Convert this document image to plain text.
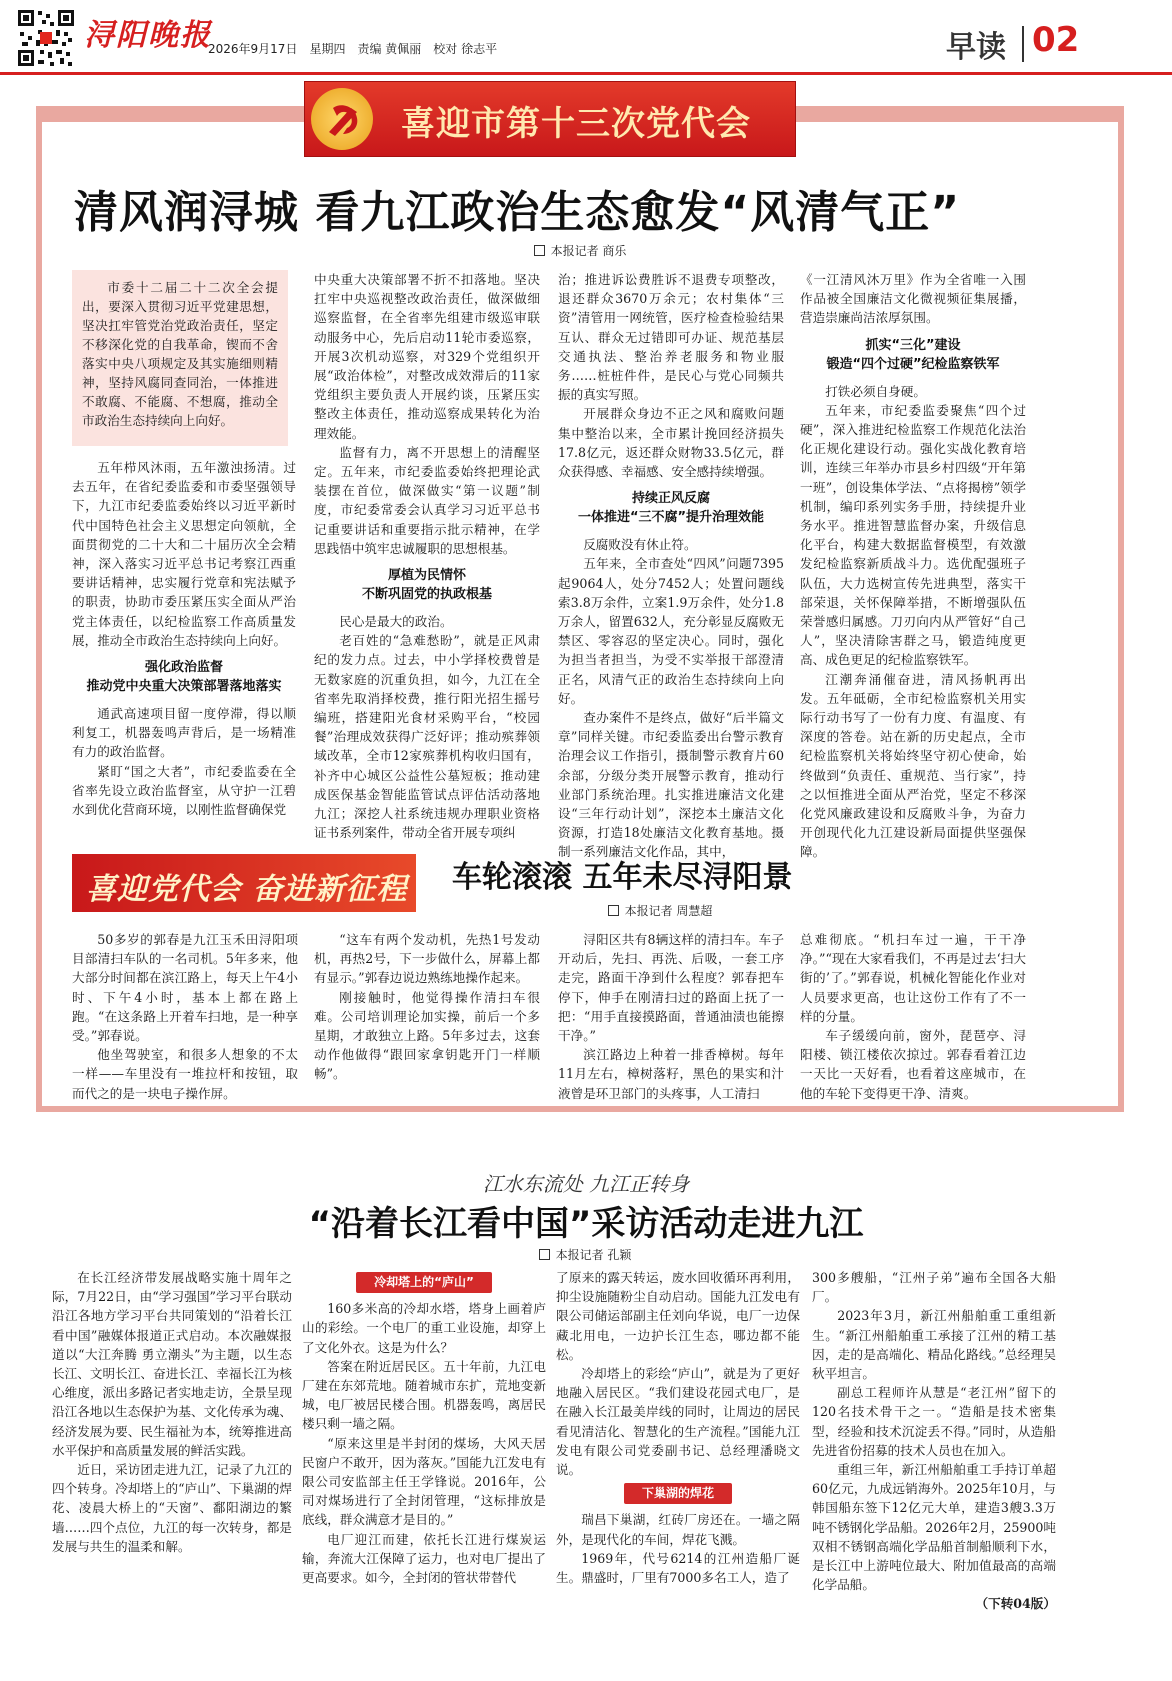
浔阳晚报
2026年9月17日　星期四　责编 黄佩丽　校对 徐志平	早读 02
喜迎市第十三次党代会
清风润浔城 看九江政治生态愈发“风清气正”
本报记者 商乐

市委十二届二十二次全会提出，要深入贯彻习近平党建思想，坚决扛牢管党治党政治责任，坚定不移深化党的自我革命，锲而不舍落实中央八项规定及其实施细则精神，坚持风腐同查同治，一体推进不敢腐、不能腐、不想腐，推动全市政治生态持续向上向好。

五年栉风沐雨，五年激浊扬清。过去五年，在省纪委监委和市委坚强领导下，九江市纪委监委始终以习近平新时代中国特色社会主义思想定向领航，全面贯彻党的二十大和二十届历次全会精神，深入落实习近平总书记考察江西重要讲话精神，忠实履行党章和宪法赋予的职责，协助市委压紧压实全面从严治党主体责任，以纪检监察工作高质量发展，推动全市政治生态持续向上向好。

强化政治监督
推动党中央重大决策部署落地落实

通武高速项目留一度停滞，得以顺利复工，机器轰鸣声背后，是一场精准有力的政治监督。

紧盯“国之大者”，市纪委监委在全省率先设立政治监督室，从守护一江碧水到优化营商环境，以刚性监督确保党

中央重大决策部署不折不扣落地。坚决扛牢中央巡视整改政治责任，做深做细巡察监督，在全省率先组建市级巡审联动服务中心，先后启动11轮市委巡察，开展3次机动巡察，对329个党组织开展“政治体检”，对整改成效滞后的11家党组织主要负责人开展约谈，压紧压实整改主体责任，推动巡察成果转化为治理效能。

监督有力，离不开思想上的清醒坚定。五年来，市纪委监委始终把理论武装摆在首位，做深做实“第一议题”制度，市纪委常委会认真学习习近平总书记重要讲话和重要指示批示精神，在学思践悟中筑牢忠诚履职的思想根基。

厚植为民情怀
不断巩固党的执政根基

民心是最大的政治。

老百姓的“急难愁盼”，就是正风肃纪的发力点。过去，中小学择校费曾是无数家庭的沉重负担，如今，九江在全省率先取消择校费，推行阳光招生摇号编班，搭建阳光食材采购平台，“校园餐”治理成效获得广泛好评；推动殡葬领域改革，全市12家殡葬机构收归国有，补齐中心城区公益性公墓短板；推动建成医保基金智能监管试点评估活动落地九江；深挖人社系统违规办理职业资格证书系列案件，带动全省开展专项纠

治；推进诉讼费胜诉不退费专项整改，退还群众3670万余元；农村集体“三资”清管用一网统管，医疗检查检验结果互认、群众无过错即可办证、规范基层交通执法、整治养老服务和物业服务……桩桩件件，是民心与党心同频共振的真实写照。

开展群众身边不正之风和腐败问题集中整治以来，全市累计挽回经济损失17.8亿元，返还群众财物33.5亿元，群众获得感、幸福感、安全感持续增强。

持续正风反腐
一体推进“三不腐”提升治理效能

反腐败没有休止符。

五年来，全市查处“四风”问题7395起9064人，处分7452人；处置问题线索3.8万余件，立案1.9万余件，处分1.8万余人，留置632人，充分彰显反腐败无禁区、零容忍的坚定决心。同时，强化为担当者担当，为受不实举报干部澄清正名，风清气正的政治生态持续向上向好。

查办案件不是终点，做好“后半篇文章”同样关键。市纪委监委出台警示教育治理会议工作指引，摄制警示教育片60余部，分级分类开展警示教育，推动行业部门系统治理。扎实推进廉洁文化建设“三年行动计划”，深挖本土廉洁文化资源，打造18处廉洁文化教育基地。摄制一系列廉洁文化作品，其中，

《一江清风沐万里》作为全省唯一入围作品被全国廉洁文化微视频征集展播，营造崇廉尚洁浓厚氛围。

抓实“三化”建设
锻造“四个过硬”纪检监察铁军

打铁必须自身硬。

五年来，市纪委监委聚焦“四个过硬”，深入推进纪检监察工作规范化法治化正规化建设行动。强化实战化教育培训，连续三年举办市县乡村四级“开年第一班”，创设集体学法、“点将揭榜”领学机制，编印系列实务手册，持续提升业务水平。推进智慧监督办案，升级信息化平台，构建大数据监督模型，有效激发纪检监察新质战斗力。选优配强班子队伍，大力选树宣传先进典型，落实干部荣退，关怀保障举措，不断增强队伍荣誉感归属感。刀刃向内从严管好“自己人”，坚决清除害群之马，锻造纯度更高、成色更足的纪检监察铁军。

江潮奔涌催奋进，清风扬帆再出发。五年砥砺，全市纪检监察机关用实际行动书写了一份有力度、有温度、有深度的答卷。站在新的历史起点，全市纪检监察机关将始终坚守初心使命，始终做到“负责任、重规范、当行家”，持之以恒推进全面从严治党，坚定不移深化党风廉政建设和反腐败斗争，为奋力开创现代化九江建设新局面提供坚强保障。

喜迎党代会 奋进新征程 车轮滚滚 五年未尽浔阳景
本报记者 周慧超

50多岁的郭春是九江玉禾田浔阳项目部清扫车队的一名司机。5年多来，他大部分时间都在滨江路上，每天上午4小时、下午4小时，基本上都在路上跑。“在这条路上开着车扫地，是一种享受。”郭春说。

他坐驾驶室，和很多人想象的不太一样——车里没有一堆拉杆和按钮，取而代之的是一块电子操作屏。

“这车有两个发动机，先热1号发动机，再热2号，下一步做什么，屏幕上都有显示。”郭春边说边熟练地操作起来。

刚接触时，他觉得操作清扫车很难。公司培训理论加实操，前后一个多星期，才敢独立上路。5年多过去，这套动作他做得“跟回家拿钥匙开门一样顺畅”。

浔阳区共有8辆这样的清扫车。车子开动后，先扫、再洗、后吸，一套工序走完，路面干净到什么程度？郭春把车停下，伸手在刚清扫过的路面上抚了一把：“用手直接摸路面，普通油渍也能擦干净。”

滨江路边上种着一排香樟树。每年11月左右，樟树落籽，黑色的果实和汁液曾是环卫部门的头疼事，人工清扫

总难彻底。“机扫车过一遍，干干净净。”“现在大家看我们，不再是过去‘扫大街的’了。”郭春说，机械化智能化作业对人员要求更高，也让这份工作有了不一样的分量。

车子缓缓向前，窗外，琵琶亭、浔阳楼、锁江楼依次掠过。郭春看着江边一天比一天好看，也看着这座城市，在他的车轮下变得更干净、清爽。

江水东流处 九江正转身
“沿着长江看中国”采访活动走进九江
本报记者 孔颖

在长江经济带发展战略实施十周年之际，7月22日，由“学习强国”学习平台联动沿江各地方学习平台共同策划的“沿着长江看中国”融媒体报道正式启动。本次融媒报道以“大江奔腾 勇立潮头”为主题，以生态长江、文明长江、奋进长江、幸福长江为核心维度，派出多路记者实地走访，全景呈现沿江各地以生态保护为基、文化传承为魂、经济发展为要、民生福祉为本，统筹推进高水平保护和高质量发展的鲜活实践。

近日，采访团走进九江，记录了九江的四个转身。冷却塔上的“庐山”、下巢湖的焊花、凌晨大桥上的“天窗”、鄱阳湖边的繁墙……四个点位，九江的每一次转身，都是发展与共生的温柔和解。

冷却塔上的“庐山”

160多米高的冷却水塔，塔身上画着庐山的彩绘。一个电厂的重工业设施，却穿上了文化外衣。这是为什么？

答案在附近居民区。五十年前，九江电厂建在东郊荒地。随着城市东扩，荒地变新城，电厂被居民楼合围。机器轰鸣，离居民楼只剩一墙之隔。

“原来这里是半封闭的煤场，大风天居民窗户不敢开，因为落灰。”国能九江发电有限公司安监部主任王学锋说。2016年，公司对煤场进行了全封闭管理，“这标排放是底线，群众满意才是目的。”

电厂迎江而建，依托长江进行煤炭运输，奔流大江保障了运力，也对电厂提出了更高要求。如今，全封闭的管状带替代

了原来的露天转运，废水回收循环再利用，抑尘设施随粉尘自动启动。国能九江发电有限公司储运部副主任刘向华说，电厂一边保藏北用电，一边护长江生态，哪边都不能松。

冷却塔上的彩绘“庐山”，就是为了更好地融入居民区。“我们建设花园式电厂，是在融入长江最美岸线的同时，让周边的居民看见清洁化、智慧化的生产流程。”国能九江发电有限公司党委副书记、总经理潘晓文说。

下巢湖的焊花

瑞昌下巢湖，红砖厂房还在。一墙之隔外，是现代化的车间，焊花飞溅。

1969年，代号6214的江州造船厂诞生。鼎盛时，厂里有7000多名工人，造了

300多艘船，“江州子弟”遍布全国各大船厂。

2023年3月，新江州船舶重工重组新生。“新江州船舶重工承接了江州的精工基因，走的是高端化、精品化路线。”总经理吴秋平坦言。

副总工程师许从慧是“老江州”留下的120名技术骨干之一。“造船是技术密集型，经验和技术沉淀丢不得。”同时，从造船先进省份招募的技术人员也在加入。

重组三年，新江州船舶重工手持订单超60亿元，九成远销海外。2025年10月，与韩国船东签下12亿元大单，建造3艘3.3万吨不锈钢化学品船。2026年2月，25900吨双相不锈钢高端化学品船首制船顺利下水，是长江中上游吨位最大、附加值最高的高端化学品船。

（下转04版）
